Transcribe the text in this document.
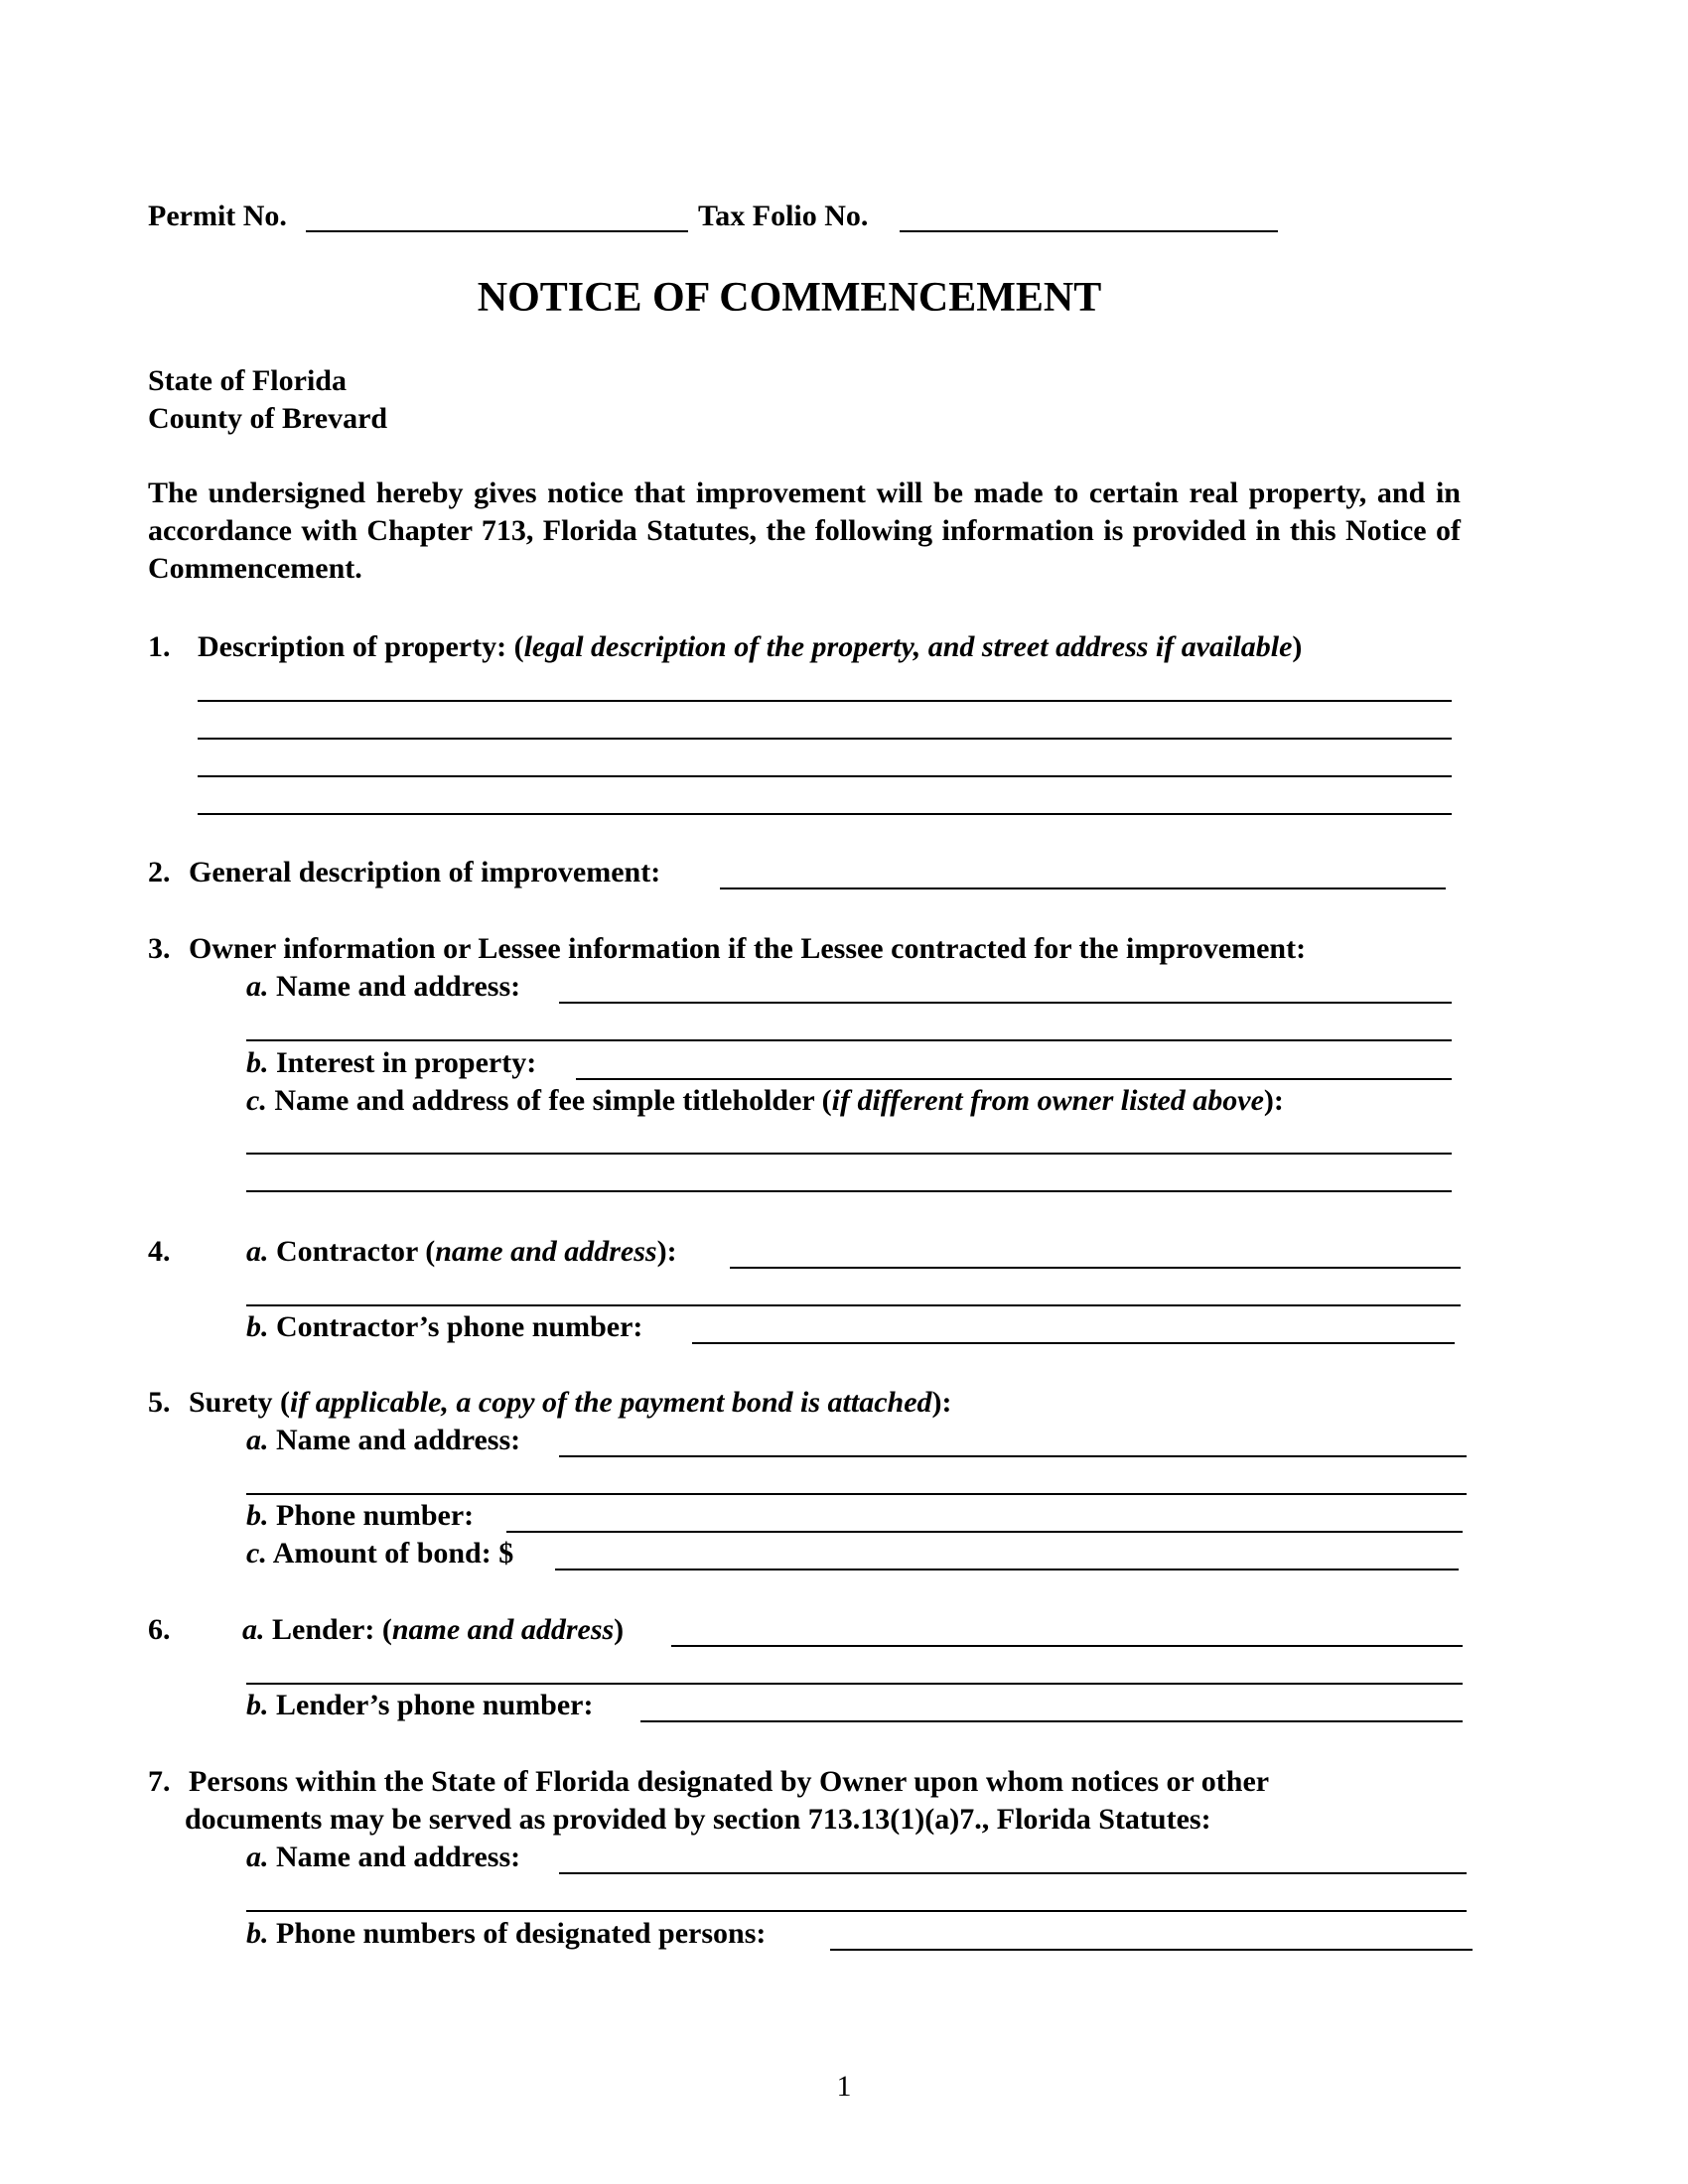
Permit No.	Tax Folio No.
NOTICE OF COMMENCEMENT
State of Florida
County of Brevard
The undersigned hereby gives notice that improvement will be made to certain real property, and in accordance with Chapter 713, Florida Statutes, the following information is provided in this Notice of Commencement.
1. Description of property: (legal description of the property, and street address if available)
2. General description of improvement:
3. Owner information or Lessee information if the Lessee contracted for the improvement:
a. Name and address:
b. Interest in property:
c. Name and address of fee simple titleholder (if different from owner listed above):
4.	a. Contractor (name and address):
b. Contractor’s phone number:
5. Surety (if applicable, a copy of the payment bond is attached):
a. Name and address:
b. Phone number:
c. Amount of bond: $
6. a. Lender: (name and address)
b. Lender’s phone number:
7. Persons within the State of Florida designated by Owner upon whom notices or other
documents may be served as provided by section 713.13(1)(a)7., Florida Statutes:
a. Name and address:
b. Phone numbers of designated persons:
1
